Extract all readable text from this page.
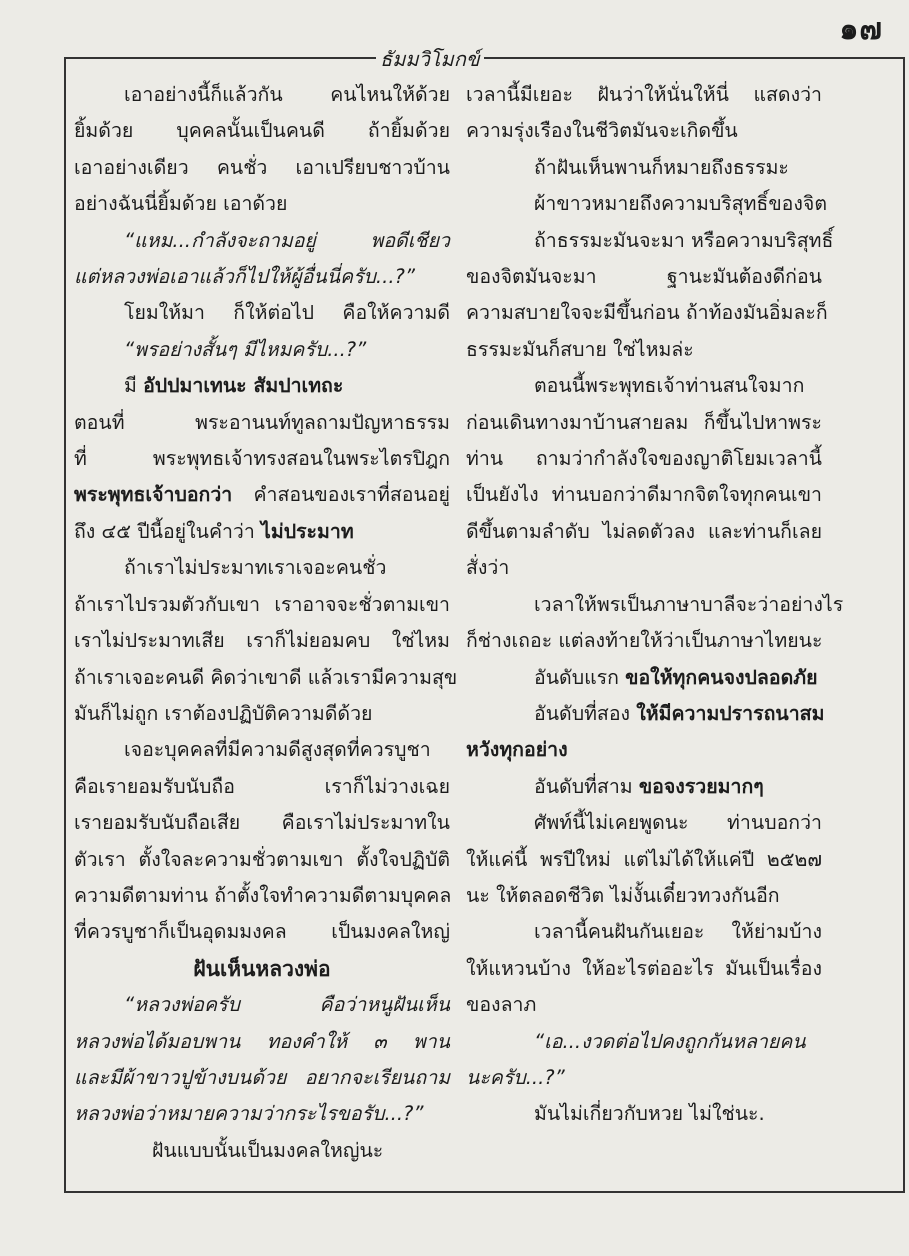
๑๗
ธัมมวิโมกข์
เอาอย่างนี้ก็แล้วกัน คนไหนให้ด้วย
ยิ้มด้วย บุคคลนั้นเป็นคนดี ถ้ายิ้มด้วย
เอาอย่างเดียว คนชั่ว เอาเปรียบชาวบ้าน
อย่างฉันนี่ยิ้มด้วย เอาด้วย
“แหม...กำลังจะถามอยู่ พอดีเชียว
แต่หลวงพ่อเอาแล้วก็ไปให้ผู้อื่นนี่ครับ...?”
โยมให้มา ก็ให้ต่อไป คือให้ความดี
“พรอย่างสั้นๆ มีไหมครับ...?”
มี อัปปมาเทนะ สัมปาเทถะ
ตอนที่ พระอานนท์ทูลถามปัญหาธรรม
ที่ พระพุทธเจ้าทรงสอนในพระไตรปิฎก
พระพุทธเจ้าบอกว่า คำสอนของเราที่สอนอยู่
ถึง ๔๕ ปีนี้อยู่ในคำว่า ไม่ประมาท
ถ้าเราไม่ประมาทเราเจอะคนชั่ว
ถ้าเราไปรวมตัวกับเขา เราอาจจะชั่วตามเขา
เราไม่ประมาทเสีย เราก็ไม่ยอมคบ ใช่ไหม
ถ้าเราเจอะคนดี คิดว่าเขาดี แล้วเรามีความสุข
มันก็ไม่ถูก เราต้องปฏิบัติความดีด้วย
เจอะบุคคลที่มีความดีสูงสุดที่ควรบูชา
คือเรายอมรับนับถือ เราก็ไม่วางเฉย
เรายอมรับนับถือเสีย คือเราไม่ประมาทใน
ตัวเรา ตั้งใจละความชั่วตามเขา ตั้งใจปฏิบัติ
ความดีตามท่าน ถ้าตั้งใจทำความดีตามบุคคล
ที่ควรบูชาก็เป็นอุดมมงคล เป็นมงคลใหญ่
ฝันเห็นหลวงพ่อ
“หลวงพ่อครับ คือว่าหนูฝันเห็น
หลวงพ่อได้มอบพาน ทองคำให้ ๓ พาน
และมีผ้าขาวปูข้างบนด้วย อยากจะเรียนถาม
หลวงพ่อว่าหมายความว่ากระไรขอรับ...?”
ฝันแบบนั้นเป็นมงคลใหญ่นะ
เวลานี้มีเยอะ ฝันว่าให้นั่นให้นี่ แสดงว่า
ความรุ่งเรืองในชีวิตมันจะเกิดขึ้น
ถ้าฝันเห็นพานก็หมายถึงธรรมะ
ผ้าขาวหมายถึงความบริสุทธิ์ของจิต
ถ้าธรรมะมันจะมา หรือความบริสุทธิ์
ของจิตมันจะมา ฐานะมันต้องดีก่อน
ความสบายใจจะมีขึ้นก่อน ถ้าท้องมันอิ่มละก็
ธรรมะมันก็สบาย ใช่ไหมล่ะ
ตอนนี้พระพุทธเจ้าท่านสนใจมาก
ก่อนเดินทางมาบ้านสายลม ก็ขึ้นไปหาพระ
ท่าน ถามว่ากำลังใจของญาติโยมเวลานี้
เป็นยังไง ท่านบอกว่าดีมากจิตใจทุกคนเขา
ดีขึ้นตามลำดับ ไม่ลดตัวลง และท่านก็เลย
สั่งว่า
เวลาให้พรเป็นภาษาบาลีจะว่าอย่างไร
ก็ช่างเถอะ แต่ลงท้ายให้ว่าเป็นภาษาไทยนะ
อันดับแรก ขอให้ทุกคนจงปลอดภัย
อันดับที่สอง ให้มีความปรารถนาสม
หวังทุกอย่าง
อันดับที่สาม ขอจงรวยมากๆ
ศัพท์นี้ไม่เคยพูดนะ ท่านบอกว่า
ให้แค่นี้ พรปีใหม่ แต่ไม่ได้ให้แค่ปี ๒๕๒๗
นะ ให้ตลอดชีวิต ไม่งั้นเดี๋ยวทวงกันอีก
เวลานี้คนฝันกันเยอะ ให้ย่ามบ้าง
ให้แหวนบ้าง ให้อะไรต่ออะไร มันเป็นเรื่อง
ของลาภ
“เอ...งวดต่อไปคงถูกกันหลายคน
นะครับ...?”
มันไม่เกี่ยวกับหวย ไม่ใช่นะ.
